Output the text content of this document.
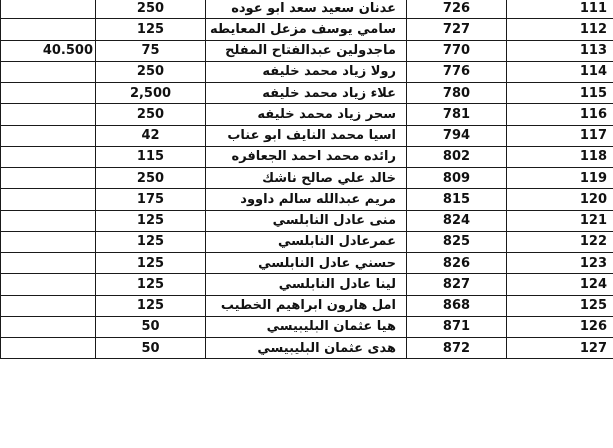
	250	عدنان سعيد سعد ابو عوده	726	111

	125	سامي يوسف مزعل المعايطه	727	112

40.500	75	ماجدولين عبدالفتاح المفلح	770	113

	250	رولا زياد محمد خليفه	776	114

	2,500	علاء زياد محمد خليفه	780	115

	250	سحر زياد محمد خليفه	781	116

	42	اسيا محمد النايف ابو عناب	794	117

	115	رائده محمد احمد الجعافره	802	118

	250	خالد علي صالح ناشك	809	119

	175	مريم عبدالله سالم داوود	815	120

	125	منى عادل النابلسي	824	121

	125	عمرعادل النابلسي	825	122

	125	حسني عادل النابلسي	826	123

	125	لينا عادل النابلسي	827	124

	125	امل هارون ابراهيم الخطيب	868	125

	50	هيا عثمان البليبيسي	871	126

	50	هدى عثمان البليبيسي	872	127
